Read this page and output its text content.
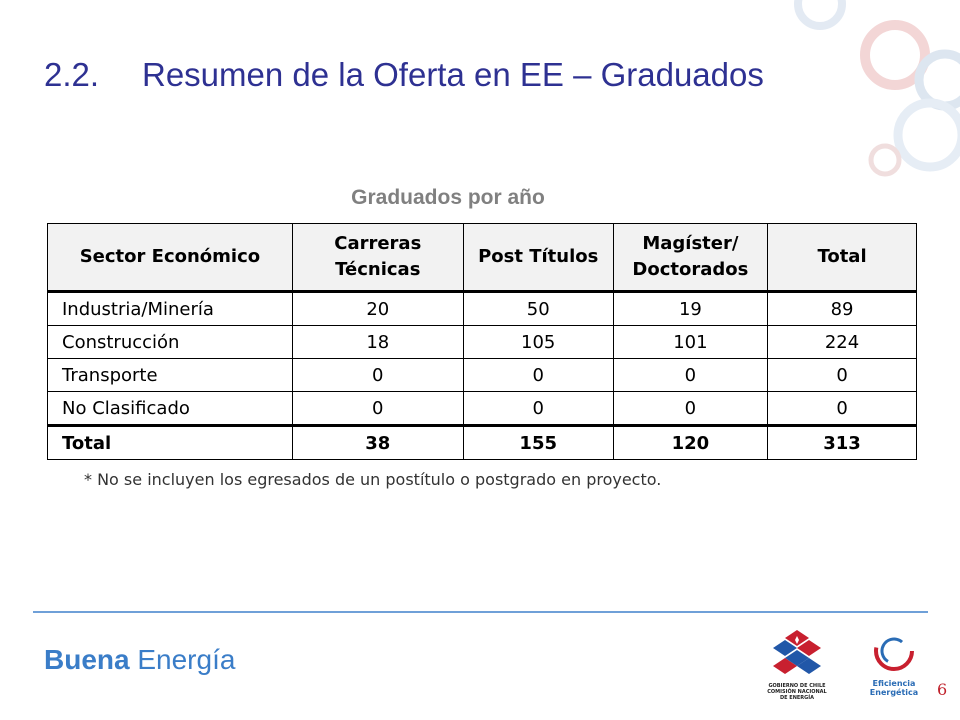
2.2. Resumen de la Oferta en EE – Graduados
Graduados por año
Sector Económico	Carreras Técnicas	Post Títulos	Magíster/ Doctorados	Total
Industria/Minería	20	50	19	89
Construcción	18	105	101	224
Transporte	0	0	0	0
No Clasificado	0	0	0	0
Total	38	155	120	313
* No se incluyen los egresados de un postítulo o postgrado en proyecto.
Buena Energía
GOBIERNO DE CHILE
COMISIÓN NACIONAL
DE ENERGÍA
Eficiencia
Energética	6
